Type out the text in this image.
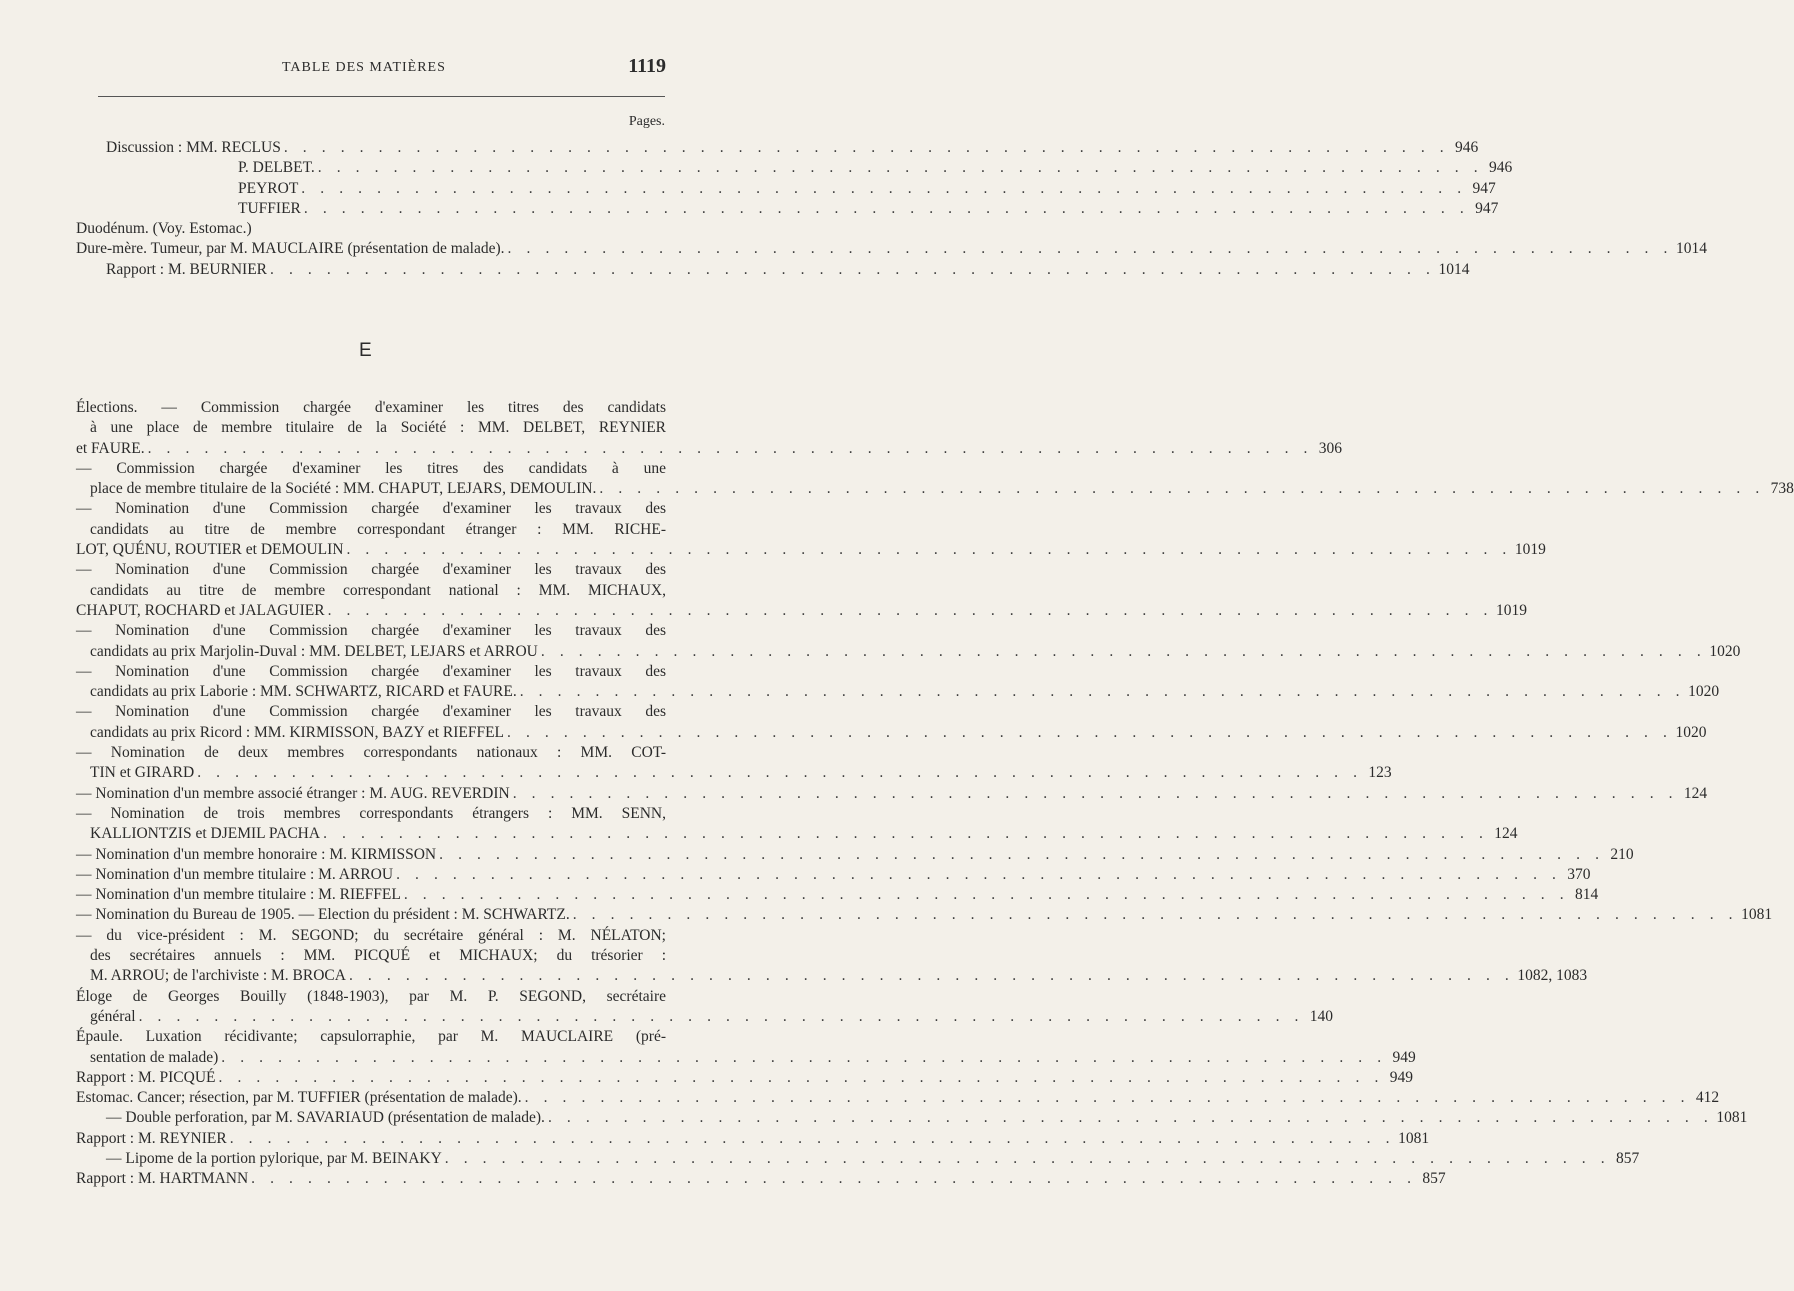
TABLE DES MATIÈRES	1119
Pages.
Discussion : MM. RECLUS . . .	946
P. DELBET. . . .	946
PEYROT . . .	947
TUFFIER . . .	947
Duodénum. (Voy. Estomac.)
Dure-mère. Tumeur, par M. MAUCLAIRE (présentation de malade). . . .	1014
Rapport : M. BEURNIER . . .	1014
E
Élections. — Commission chargée d'examiner les titres des candidats
à une place de membre titulaire de la Société : MM. DELBET, REYNIER
et FAURE. . . .	306
— Commission chargée d'examiner les titres des candidats à une
place de membre titulaire de la Société : MM. CHAPUT, LEJARS, DEMOULIN. . . .	738
— Nomination d'une Commission chargée d'examiner les travaux des
candidats au titre de membre correspondant étranger : MM. RICHE-
LOT, QUÉNU, ROUTIER et DEMOULIN . . .	1019
— Nomination d'une Commission chargée d'examiner les travaux des
candidats au titre de membre correspondant national : MM. MICHAUX,
CHAPUT, ROCHARD et JALAGUIER . . .	1019
— Nomination d'une Commission chargée d'examiner les travaux des
candidats au prix Marjolin-Duval : MM. DELBET, LEJARS et ARROU . . .	1020
— Nomination d'une Commission chargée d'examiner les travaux des
candidats au prix Laborie : MM. SCHWARTZ, RICARD et FAURE. . . .	1020
— Nomination d'une Commission chargée d'examiner les travaux des
candidats au prix Ricord : MM. KIRMISSON, BAZY et RIEFFEL . . .	1020
— Nomination de deux membres correspondants nationaux : MM. COT-
TIN et GIRARD . . .	123
— Nomination d'un membre associé étranger : M. AUG. REVERDIN . . .	124
— Nomination de trois membres correspondants étrangers : MM. SENN,
KALLIONTZIS et DJEMIL PACHA . . .	124
— Nomination d'un membre honoraire : M. KIRMISSON . . .	210
— Nomination d'un membre titulaire : M. ARROU . . .	370
— Nomination d'un membre titulaire : M. RIEFFEL . . .	814
— Nomination du Bureau de 1905. — Election du président : M. SCHWARTZ. . . .	1081
— du vice-président : M. SEGOND; du secrétaire général : M. NÉLATON;
des secrétaires annuels : MM. PICQUÉ et MICHAUX; du trésorier :
M. ARROU; de l'archiviste : M. BROCA . . .	1082, 1083
Éloge de Georges Bouilly (1848-1903), par M. P. SEGOND, secrétaire
général . . .	140
Épaule. Luxation récidivante; capsulorraphie, par M. MAUCLAIRE (pré-
sentation de malade) . . .	949
Rapport : M. PICQUÉ . . .	949
Estomac. Cancer; résection, par M. TUFFIER (présentation de malade). . . .	412
— Double perforation, par M. SAVARIAUD (présentation de malade). . . .	1081
Rapport : M. REYNIER . . .	1081
— Lipome de la portion pylorique, par M. BEINAKY . . .	857
Rapport : M. HARTMANN . . .	857
